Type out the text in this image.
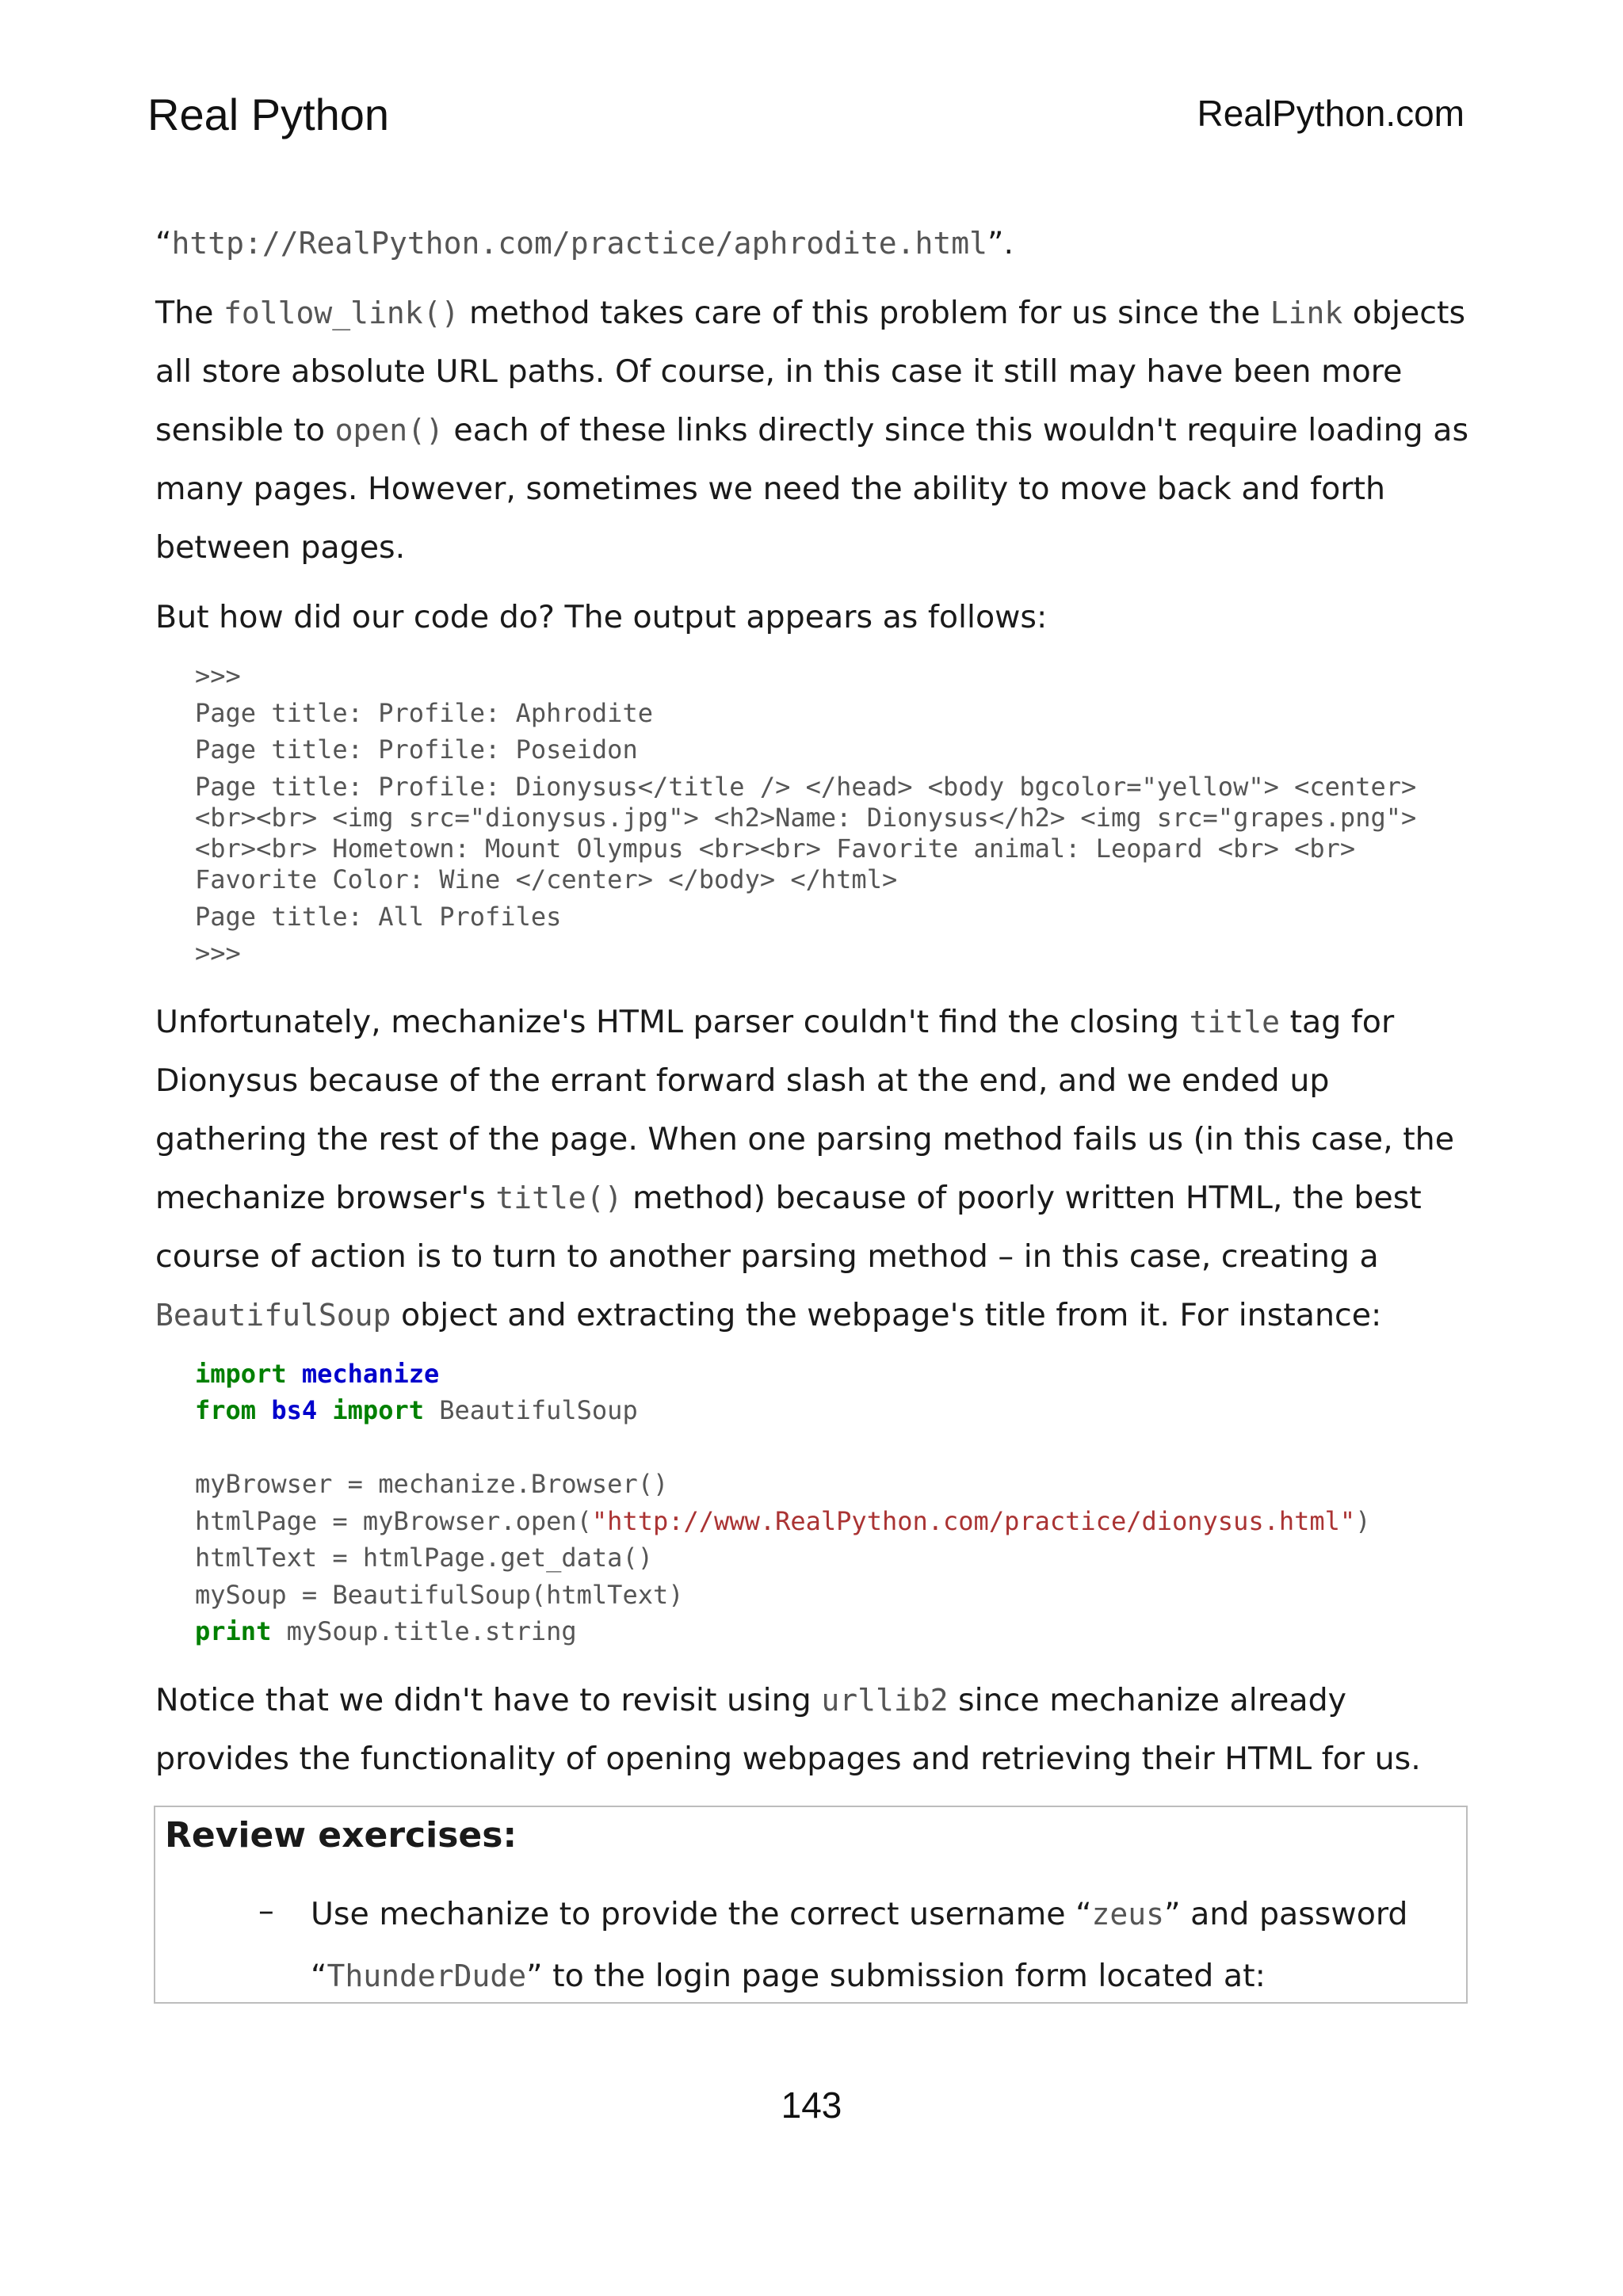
Real Python	RealPython.com

“http://RealPython.com/practice/aphrodite.html”.

The follow_link() method takes care of this problem for us since the Link objects all store absolute URL paths. Of course, in this case it still may have been more sensible to open() each of these links directly since this wouldn't require loading as many pages. However, sometimes we need the ability to move back and forth between pages.

But how did our code do? The output appears as follows:

>>>
Page title: Profile: Aphrodite
Page title: Profile: Poseidon
Page title: Profile: Dionysus</title /> </head> <body bgcolor="yellow"> <center> <br><br> <img src="dionysus.jpg"> <h2>Name: Dionysus</h2> <img src="grapes.png"><br><br> Hometown: Mount Olympus <br><br> Favorite animal: Leopard <br> <br> Favorite Color: Wine </center> </body> </html>
Page title: All Profiles
>>>

Unfortunately, mechanize's HTML parser couldn't find the closing title tag for Dionysus because of the errant forward slash at the end, and we ended up gathering the rest of the page. When one parsing method fails us (in this case, the mechanize browser's title() method) because of poorly written HTML, the best course of action is to turn to another parsing method – in this case, creating a BeautifulSoup object and extracting the webpage's title from it. For instance:

import mechanize
from bs4 import BeautifulSoup

myBrowser = mechanize.Browser()
htmlPage = myBrowser.open("http://www.RealPython.com/practice/dionysus.html")
htmlText = htmlPage.get_data()
mySoup = BeautifulSoup(htmlText)
print mySoup.title.string

Notice that we didn't have to revisit using urllib2 since mechanize already provides the functionality of opening webpages and retrieving their HTML for us.

Review exercises:
– Use mechanize to provide the correct username “zeus” and password “ThunderDude” to the login page submission form located at:
143
